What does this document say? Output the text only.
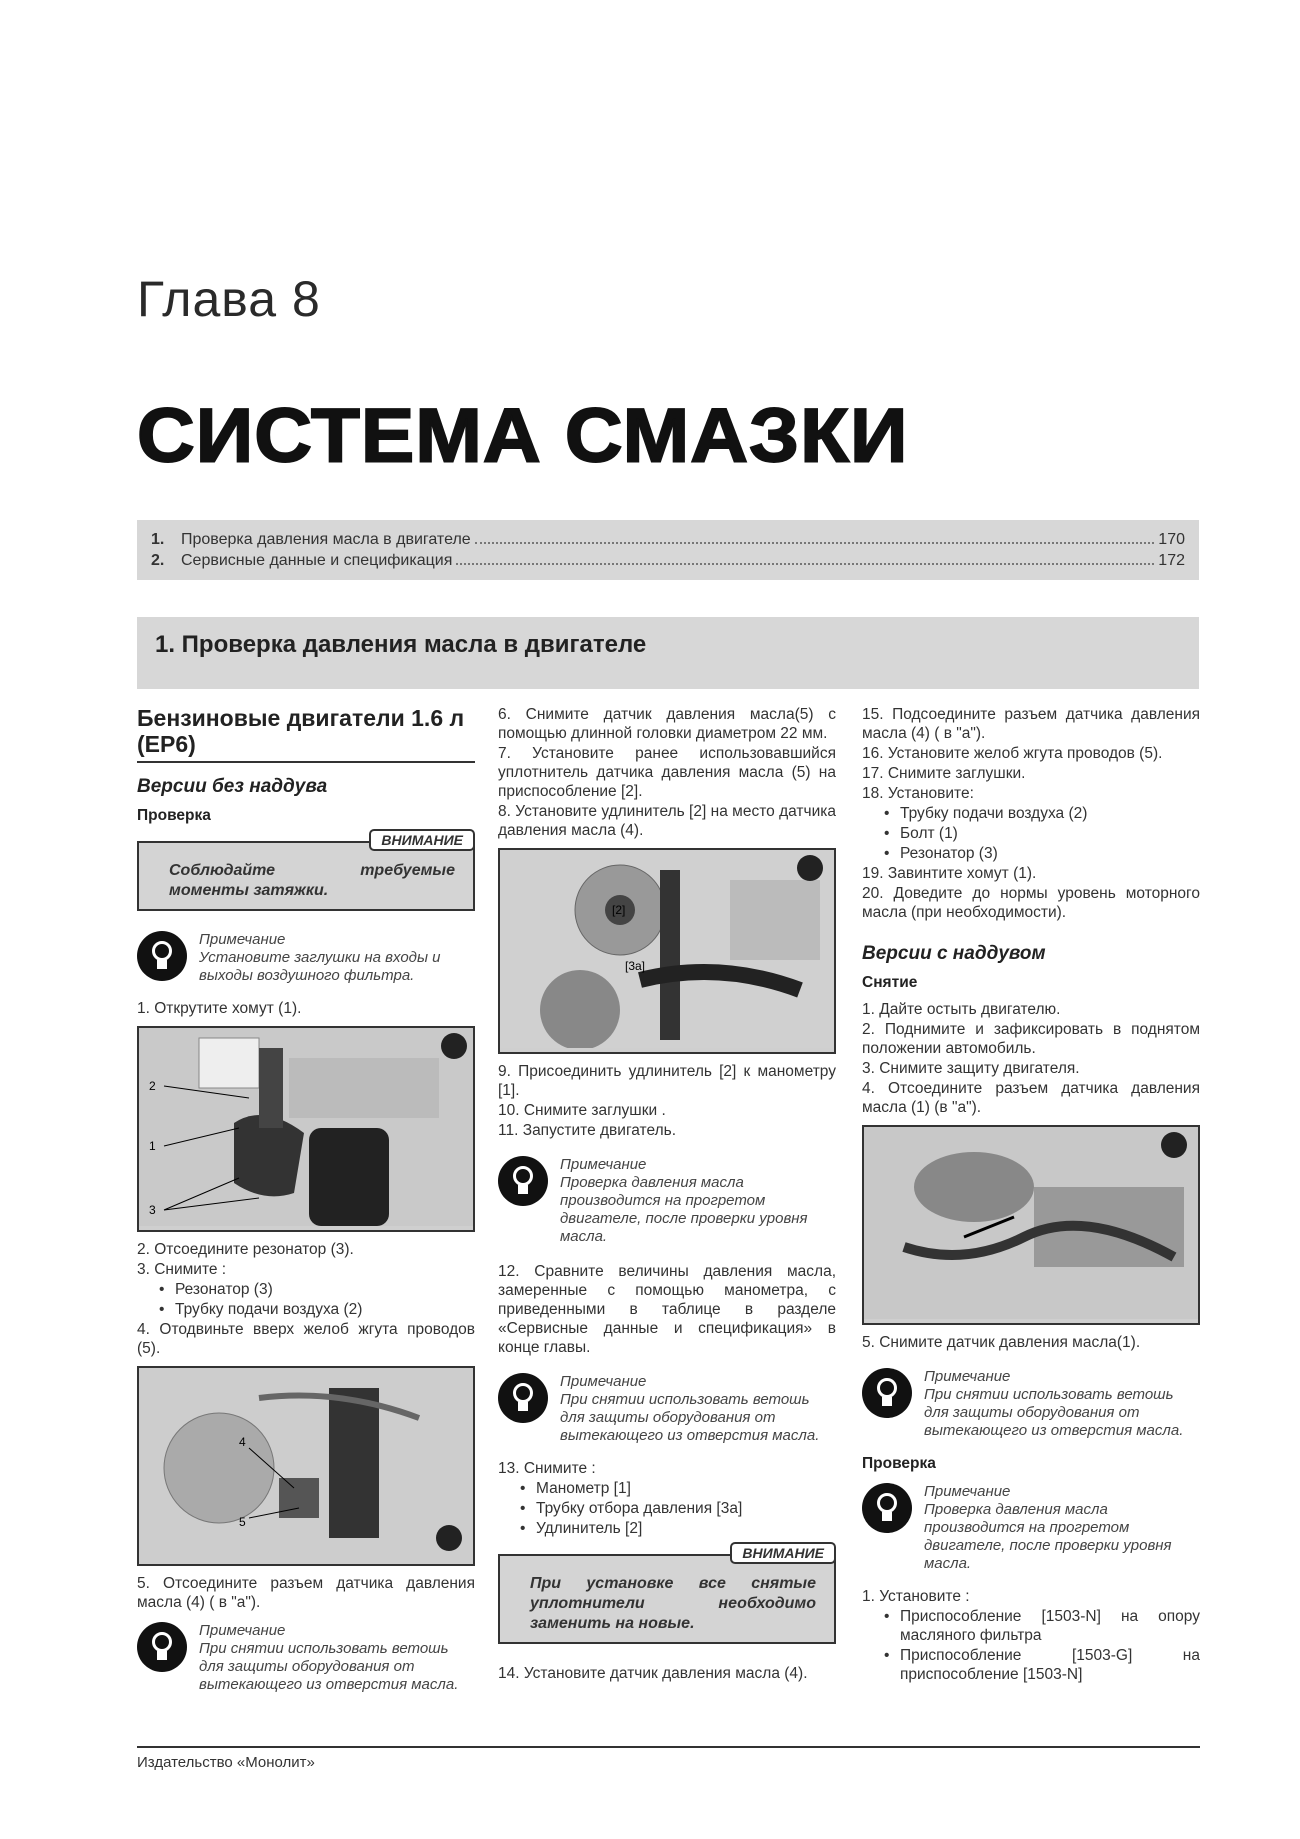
Глава 8
СИСТЕМА СМАЗКИ
1.	Проверка давления масла в двигателе	170
2.	Сервисные данные и спецификация	172
1. Проверка давления масла в двигателе
Бензиновые двигатели 1.6 л (EP6)
Версии без наддува
Проверка
ВНИМАНИЕ
Соблюдайте требуемые моменты затяжки.
Примечание
Установите заглушки на входы и выходы воздушного фильтра.

1. Открутите хомут (1).

2
1
3

2. Отсоедините резонатор (3).

3. Снимите :

• Резонатор (3)

• Трубку подачи воздуха (2)

4. Отодвиньте вверх желоб жгута проводов (5).

4
5

5. Отсоедините разъем датчика давления масла (4) ( в "а").

Примечание
При снятии использовать ветошь для защиты оборудования от вытекающего из отверстия масла.

6. Снимите датчик давления масла(5) с помощью длинной головки диаметром 22 мм.

7. Установите ранее использовавшийся уплотнитель датчика давления масла (5) на приспособление [2].

8. Установите удлинитель [2] на место датчика давления масла (4).

[2]
[3a]

9. Присоединить удлинитель [2] к манометру [1].

10. Снимите заглушки .

11. Запустите двигатель.

Примечание
Проверка давления масла производится на прогретом двигателе, после проверки уровня масла.

12. Сравните величины давления масла, замеренные с помощью манометра, с приведенными в таблице в разделе «Сервисные данные и спецификация» в конце главы.

Примечание
При снятии использовать ветошь для защиты оборудования от вытекающего из отверстия масла.

13. Снимите :

• Манометр [1]

• Трубку отбора давления [3а]

• Удлинитель [2]

ВНИМАНИЕ
При установке все снятые уплотнители необходимо заменить на новые.

14. Установите датчик давления масла (4).

15. Подсоедините разъем датчика давления масла (4) ( в "а").

16. Установите желоб жгута проводов (5).

17. Снимите заглушки.

18. Установите:

• Трубку подачи воздуха (2)

• Болт (1)

• Резонатор (3)

19. Завинтите хомут (1).

20. Доведите до нормы уровень моторного масла (при необходимости).

Версии с наддувом
Снятие

1. Дайте остыть двигателю.

2. Поднимите и зафиксировать в поднятом положении автомобиль.

3. Снимите защиту двигателя.

4. Отсоедините разъем датчика давления масла (1) (в "а").

5. Снимите датчик давления масла(1).

Примечание
При снятии использовать ветошь для защиты оборудования от вытекающего из отверстия масла.
Проверка
Примечание
Проверка давления масла производится на прогретом двигателе, после проверки уровня масла.

1. Установите :

• Приспособление [1503-N] на опору масляного фильтра

• Приспособление [1503-G] на приспособление [1503-N]

Издательство «Монолит»
